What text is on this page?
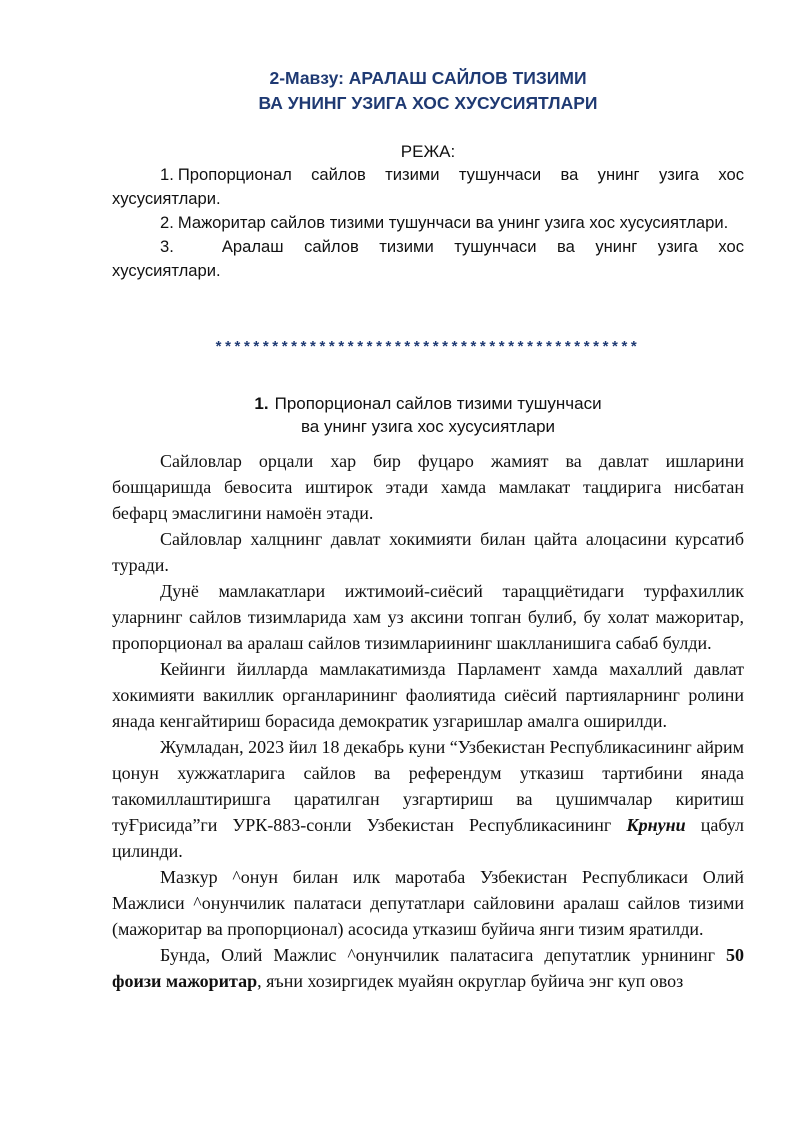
2-Мавзу: АРАЛАШ САЙЛОВ ТИЗИМИ
ВА УНИНГ УЗИГА ХОС ХУСУСИЯТЛАРИ
РЕЖА:
1. Пропорционал сайлов тизими тушунчаси ва унинг узига хос хусусиятлари.
2. Мажоритар сайлов тизими тушунчаси ва унинг узига хос хусусиятлари.
3.	Аралаш сайлов тизими тушунчаси ва унинг узига хос хусусиятлари.
*********************************************
1. Пропорционал сайлов тизими тушунчаси
ва унинг узига хос хусусиятлари

Сайловлар орцали хар бир фуцаро жамият ва давлат ишларини бошцаришда бевосита иштирок этади хамда мамлакат тацдирига нисбатан бефарц эмаслигини намоён этади.

Сайловлар халцнинг давлат хокимияти билан цайта алоцасини курсатиб туради.

Дунё мамлакатлари ижтимоий-сиёсий тарацциётидаги турфахиллик уларнинг сайлов тизимларида хам уз аксини топган булиб, бу холат мажоритар, пропорционал ва аралаш сайлов тизимлариининг шаклланишига сабаб булди.

Кейинги йилларда мамлакатимизда Парламент хамда махаллий давлат хокимияти вакиллик органларининг фаолиятида сиёсий партияларнинг ролини янада кенгайтириш борасида демократик узгаришлар амалга оширилди.

Жумладан, 2023 йил 18 декабрь куни “Узбекистан Республикасининг айрим цонун хужжатларига сайлов ва референдум утказиш тартибини янада такомиллаштиришга царатилган узгартириш ва цушимчалар киритиш туҒрисида”ги УРК-883-сонли Узбекистан Республикасининг Крнуни цабул цилинди.

Мазкур ^онун билан илк маротаба Узбекистан Республикаси Олий Мажлиси ^онунчилик палатаси депутатлари сайловини аралаш сайлов тизими (мажоритар ва пропорционал) асосида утказиш буйича янги тизим яратилди.

Бунда, Олий Мажлис ^онунчилик палатасига депутатлик урнининг 50 фоизи мажоритар, яъни хозиргидек муайян округлар буйича энг куп овоз
